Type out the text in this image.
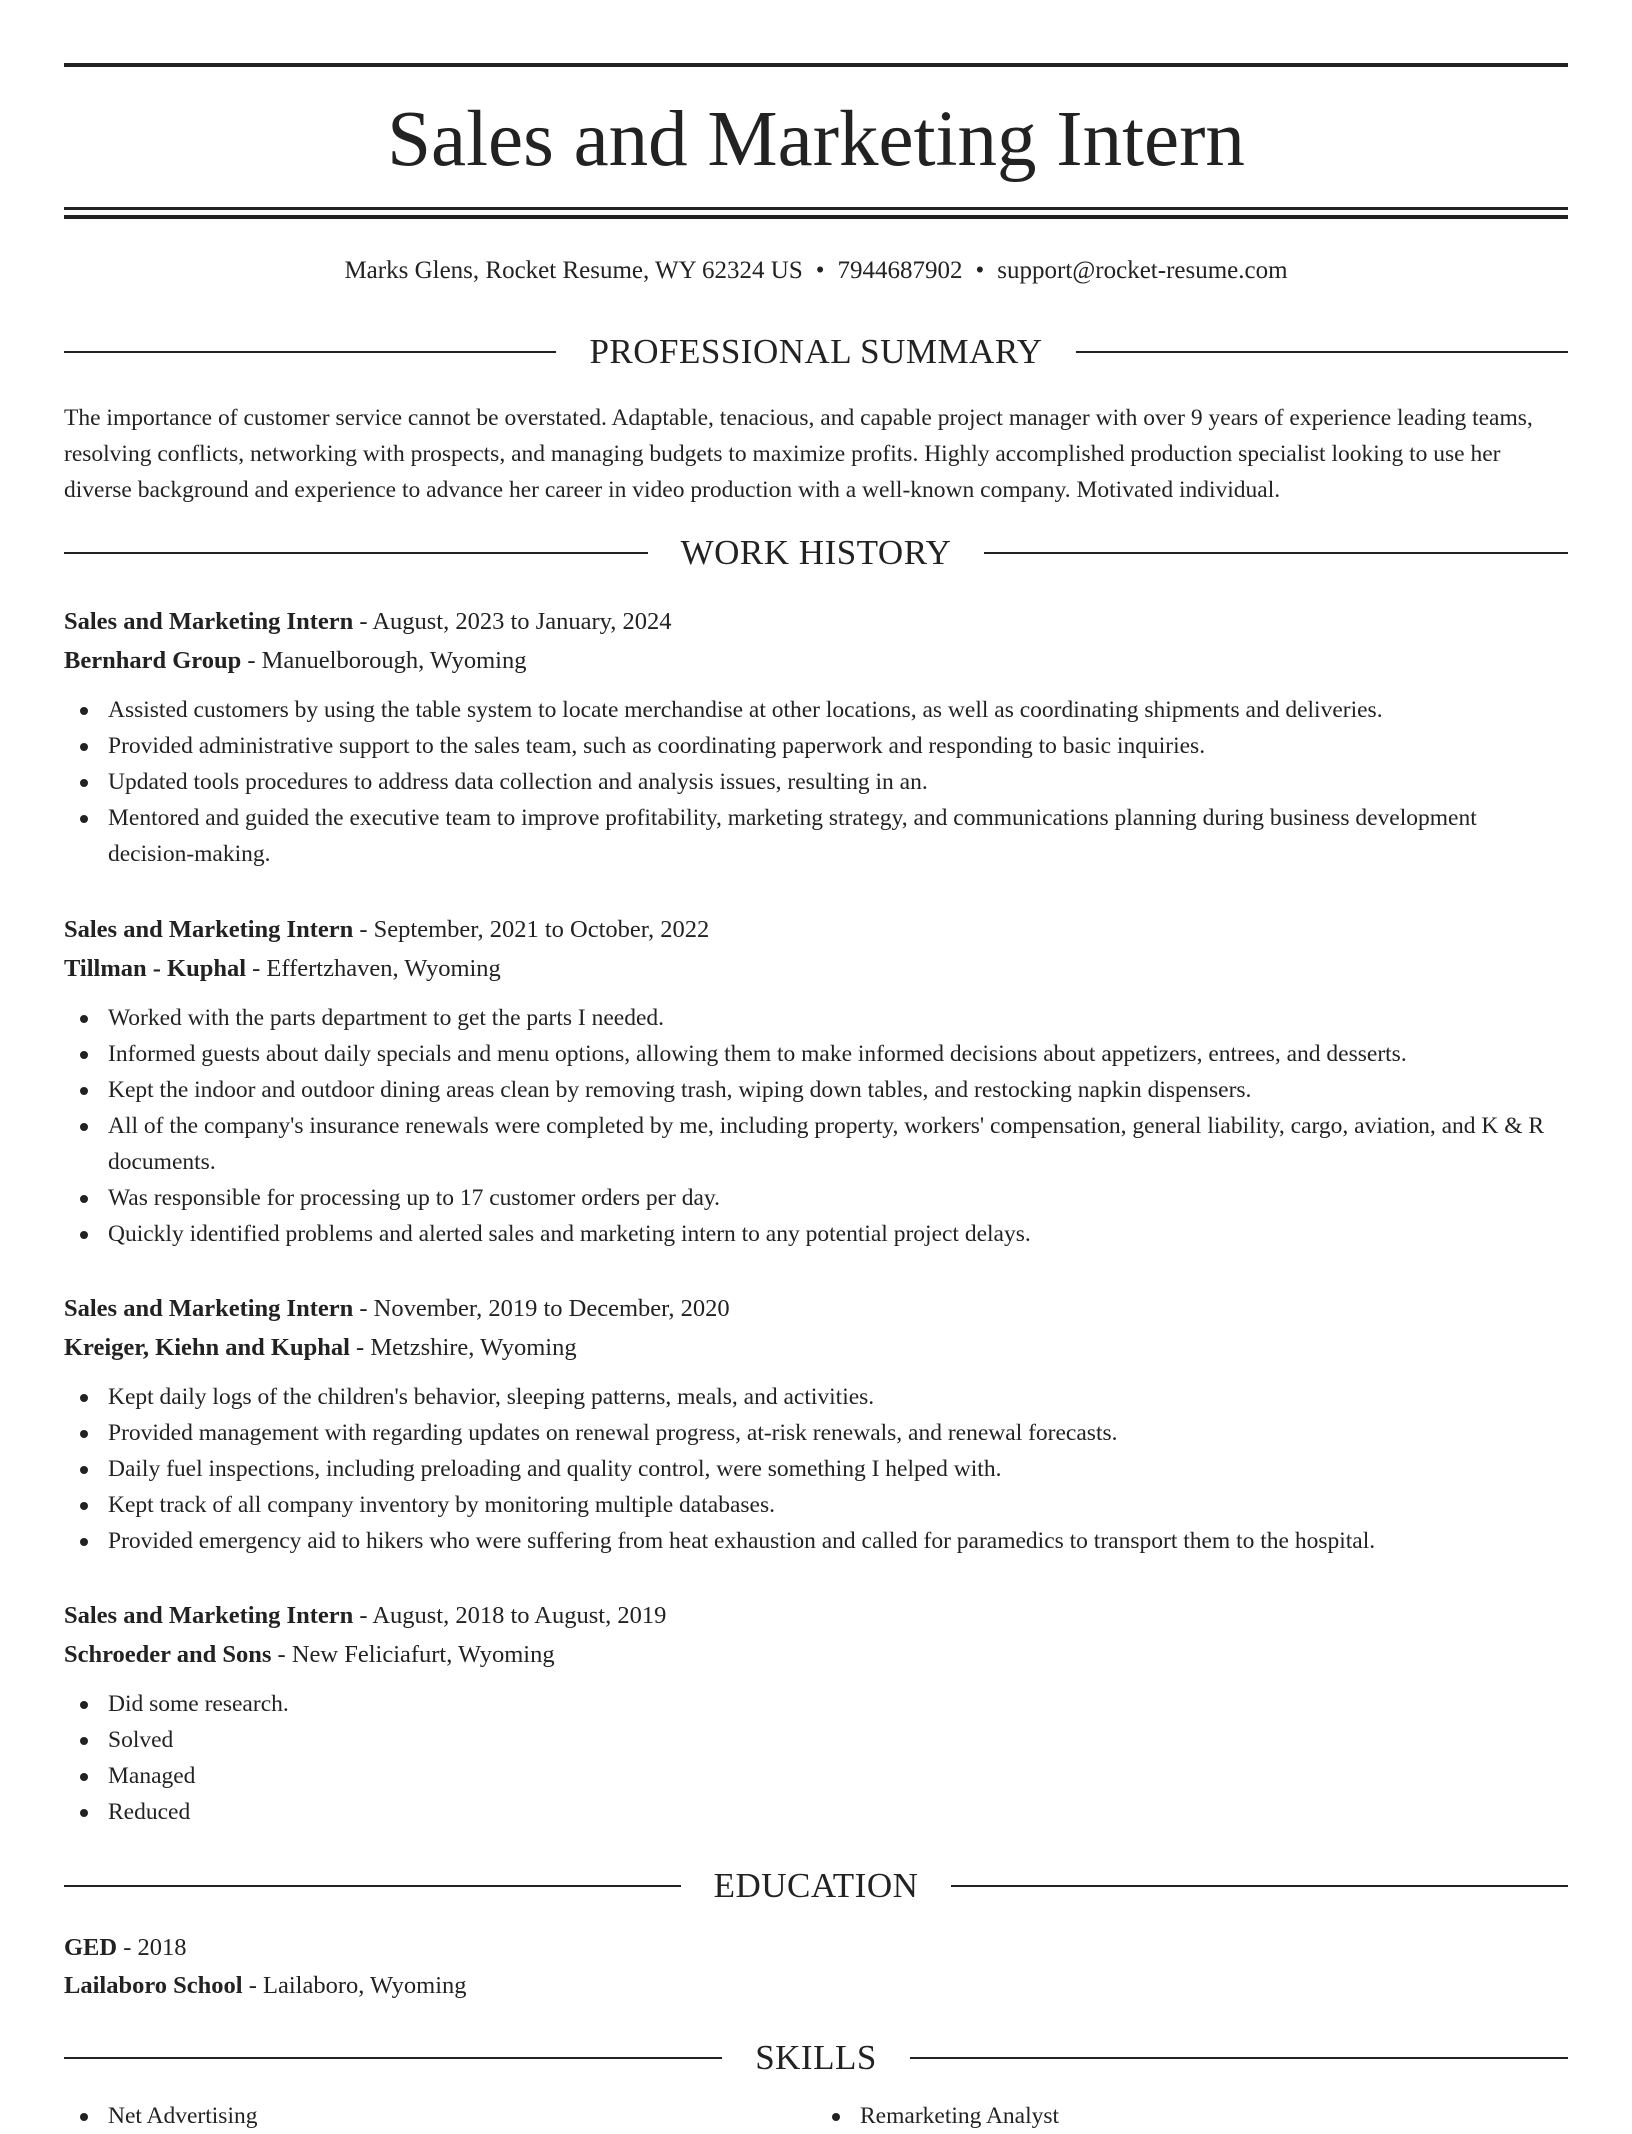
Sales and Marketing Intern
Marks Glens, Rocket Resume, WY 62324 US • 7944687902 • support@rocket-resume.com
PROFESSIONAL SUMMARY

The importance of customer service cannot be overstated. Adaptable, tenacious, and capable project manager with over 9 years of experience leading teams, resolving conflicts, networking with prospects, and managing budgets to maximize profits. Highly accomplished production specialist looking to use her diverse background and experience to advance her career in video production with a well-known company. Motivated individual.

WORK HISTORY
Sales and Marketing Intern - August, 2023 to January, 2024
Bernhard Group - Manuelborough, Wyoming
Assisted customers by using the table system to locate merchandise at other locations, as well as coordinating shipments and deliveries.
Provided administrative support to the sales team, such as coordinating paperwork and responding to basic inquiries.
Updated tools procedures to address data collection and analysis issues, resulting in an.
Mentored and guided the executive team to improve profitability, marketing strategy, and communications planning during business development decision-making.
Sales and Marketing Intern - September, 2021 to October, 2022
Tillman - Kuphal - Effertzhaven, Wyoming
Worked with the parts department to get the parts I needed.
Informed guests about daily specials and menu options, allowing them to make informed decisions about appetizers, entrees, and desserts.
Kept the indoor and outdoor dining areas clean by removing trash, wiping down tables, and restocking napkin dispensers.
All of the company's insurance renewals were completed by me, including property, workers' compensation, general liability, cargo, aviation, and K & R documents.
Was responsible for processing up to 17 customer orders per day.
Quickly identified problems and alerted sales and marketing intern to any potential project delays.
Sales and Marketing Intern - November, 2019 to December, 2020
Kreiger, Kiehn and Kuphal - Metzshire, Wyoming
Kept daily logs of the children's behavior, sleeping patterns, meals, and activities.
Provided management with regarding updates on renewal progress, at-risk renewals, and renewal forecasts.
Daily fuel inspections, including preloading and quality control, were something I helped with.
Kept track of all company inventory by monitoring multiple databases.
Provided emergency aid to hikers who were suffering from heat exhaustion and called for paramedics to transport them to the hospital.
Sales and Marketing Intern - August, 2018 to August, 2019
Schroeder and Sons - New Feliciafurt, Wyoming
Did some research.
Solved
Managed
Reduced
EDUCATION
GED - 2018
Lailaboro School - Lailaboro, Wyoming
SKILLS
Net Advertising	Remarketing Analyst
